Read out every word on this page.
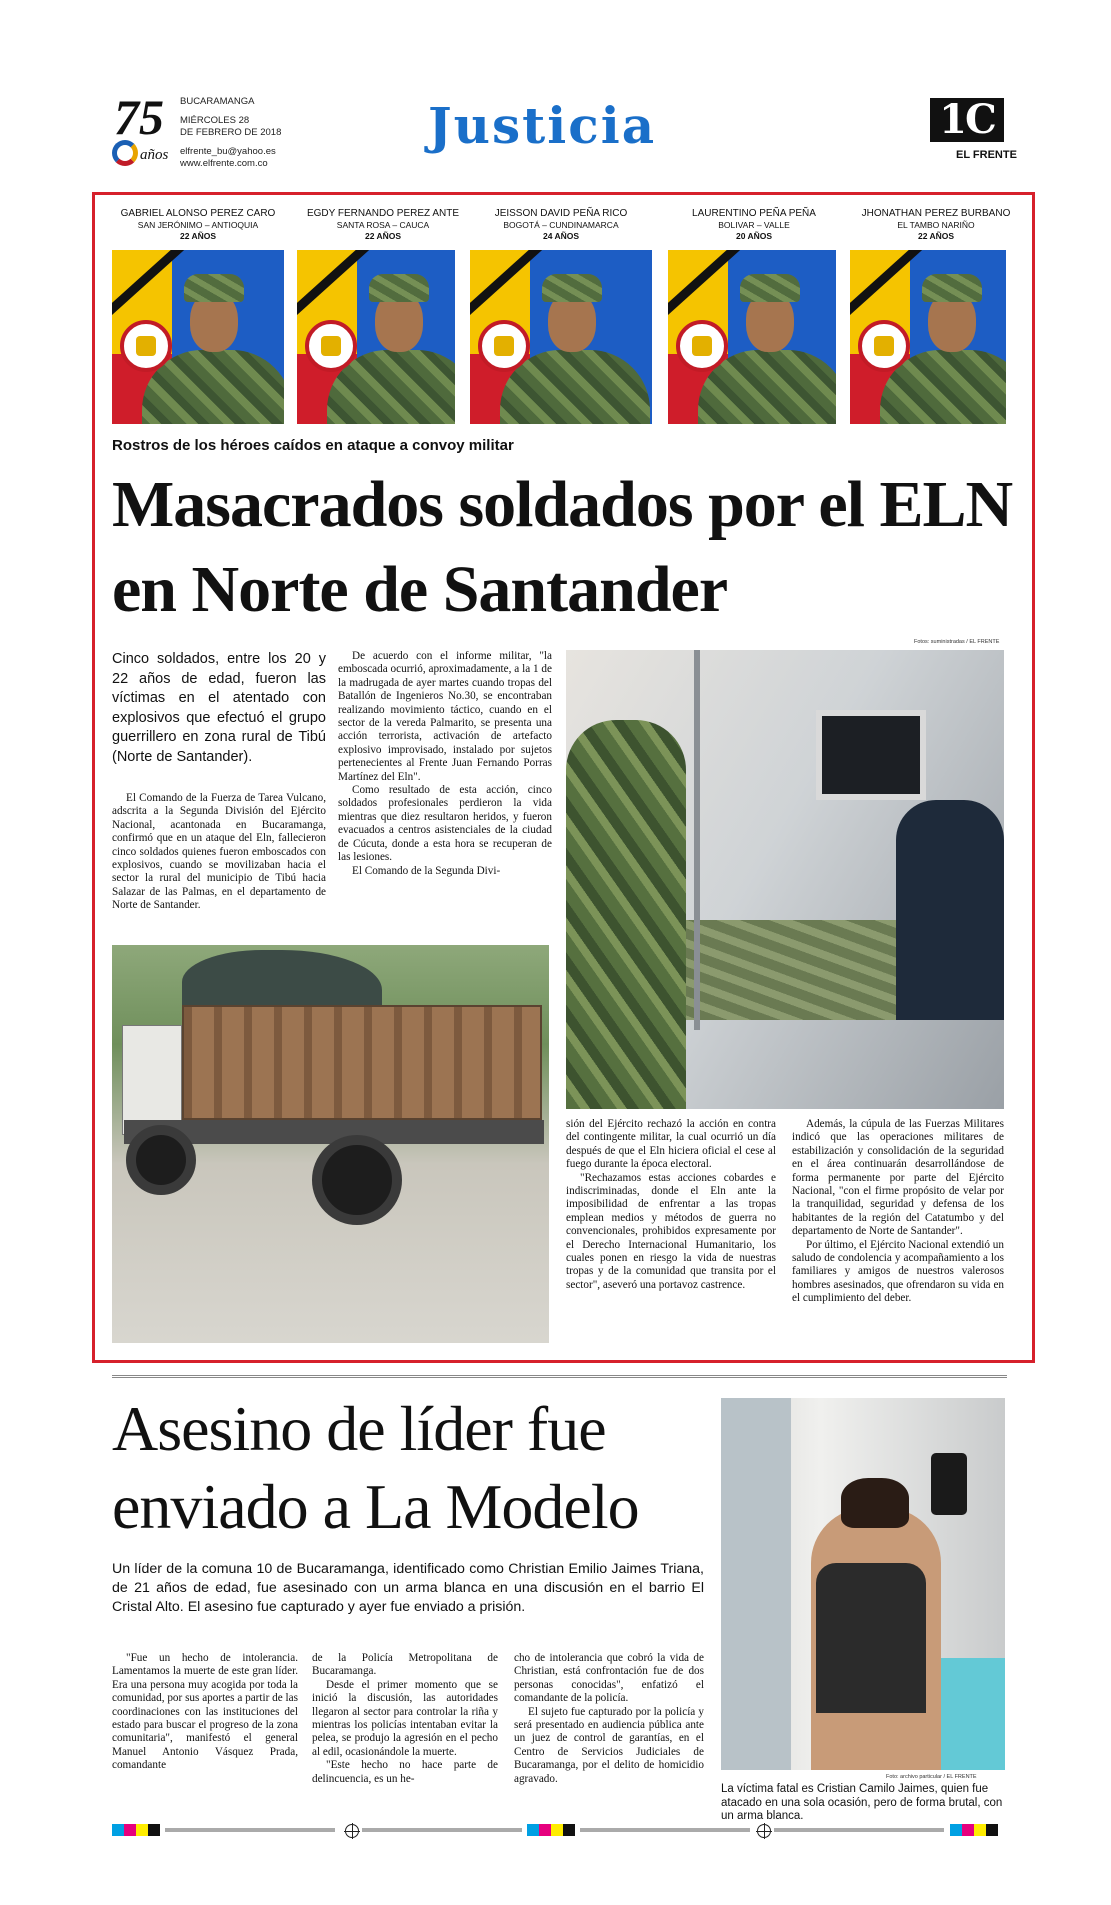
75
años
BUCARAMANGA
MIÉRCOLES 28
DE FEBRERO DE 2018
elfrente_bu@yahoo.es
www.elfrente.com.co
Justicia	1C
EL FRENTE
GABRIEL ALONSO PEREZ CARO
SAN JERÓNIMO – ANTIOQUIA
22 AÑOS
EGDY FERNANDO PEREZ ANTE
SANTA ROSA – CAUCA
22 AÑOS
JEISSON DAVID PEÑA RICO
BOGOTÁ – CUNDINAMARCA
24 AÑOS
LAURENTINO PEÑA PEÑA
BOLIVAR – VALLE
20 AÑOS
JHONATHAN PEREZ BURBANO
EL TAMBO NARIÑO
22 AÑOS
Rostros de los héroes caídos en ataque a convoy militar
Masacrados soldados por el ELN en Norte de Santander
Fotos: suministradas / EL FRENTE

Cinco soldados, entre los 20 y 22 años de edad, fueron las víctimas en el atentado con explosivos que efectuó el grupo guerrillero en zona rural de Tibú (Norte de Santander).

El Comando de la Fuerza de Tarea Vulcano, adscrita a la Segunda División del Ejército Nacional, acantonada en Bucaramanga, confirmó que en un ataque del Eln, fallecieron cinco soldados quienes fueron emboscados con explosivos, cuando se movilizaban hacia el sector la rural del municipio de Tibú hacia Salazar de las Palmas, en el departamento de Norte de Santander.

De acuerdo con el informe militar, "la emboscada ocurrió, aproximadamente, a la 1 de la madrugada de ayer martes cuando tropas del Batallón de Ingenieros No.30, se encontraban realizando movimiento táctico, cuando en el sector de la vereda Palmarito, se presenta una acción terrorista, activación de artefacto explosivo improvisado, instalado por sujetos pertenecientes al Frente Juan Fernando Porras Martínez del Eln".

Como resultado de esta acción, cinco soldados profesionales perdieron la vida mientras que diez resultaron heridos, y fueron evacuados a centros asistenciales de la ciudad de Cúcuta, donde a esta hora se recuperan de las lesiones.

El Comando de la Segunda Divi-

sión del Ejército rechazó la acción en contra del contingente militar, la cual ocurrió un día después de que el Eln hiciera oficial el cese al fuego durante la época electoral.

"Rechazamos estas acciones cobardes e indiscriminadas, donde el Eln ante la imposibilidad de enfrentar a las tropas emplean medios y métodos de guerra no convencionales, prohibidos expresamente por el Derecho Internacional Humanitario, los cuales ponen en riesgo la vida de nuestras tropas y de la comunidad que transita por el sector", aseveró una portavoz castrence.

Además, la cúpula de las Fuerzas Militares indicó que las operaciones militares de estabilización y consolidación de la seguridad en el área continuarán desarrollándose de forma permanente por parte del Ejército Nacional, "con el firme propósito de velar por la tranquilidad, seguridad y defensa de los habitantes de la región del Catatumbo y del departamento de Norte de Santander".

Por último, el Ejército Nacional extendió un saludo de condolencia y acompañamiento a los familiares y amigos de nuestros valerosos hombres asesinados, que ofrendaron su vida en el cumplimiento del deber.

Asesino de líder fue enviado a La Modelo

Un líder de la comuna 10 de Bucaramanga, identificado como Christian Emilio Jaimes Triana, de 21 años de edad, fue asesinado con un arma blanca en una discusión en el barrio El Cristal Alto. El asesino fue capturado y ayer fue enviado a prisión.

"Fue un hecho de intolerancia. Lamentamos la muerte de este gran líder. Era una persona muy acogida por toda la comunidad, por sus aportes a partir de las coordinaciones con las instituciones del estado para buscar el progreso de la zona comunitaria", manifestó el general Manuel Antonio Vásquez Prada, comandante

de la Policía Metropolitana de Bucaramanga.

Desde el primer momento que se inició la discusión, las autoridades llegaron al sector para controlar la riña y mientras los policías intentaban evitar la pelea, se produjo la agresión en el pecho al edil, ocasionándole la muerte.

"Este hecho no hace parte de delincuencia, es un he-

cho de intolerancia que cobró la vida de Christian, está confrontación fue de dos personas conocidas", enfatizó el comandante de la policía.

El sujeto fue capturado por la policía y será presentado en audiencia pública ante un juez de control de garantías, en el Centro de Servicios Judiciales de Bucaramanga, por el delito de homicidio agravado.	Foto: archivo particular / EL FRENTE
La víctima fatal es Cristian Camilo Jaimes, quien fue atacado en una sola ocasión, pero de forma brutal, con un arma blanca.
